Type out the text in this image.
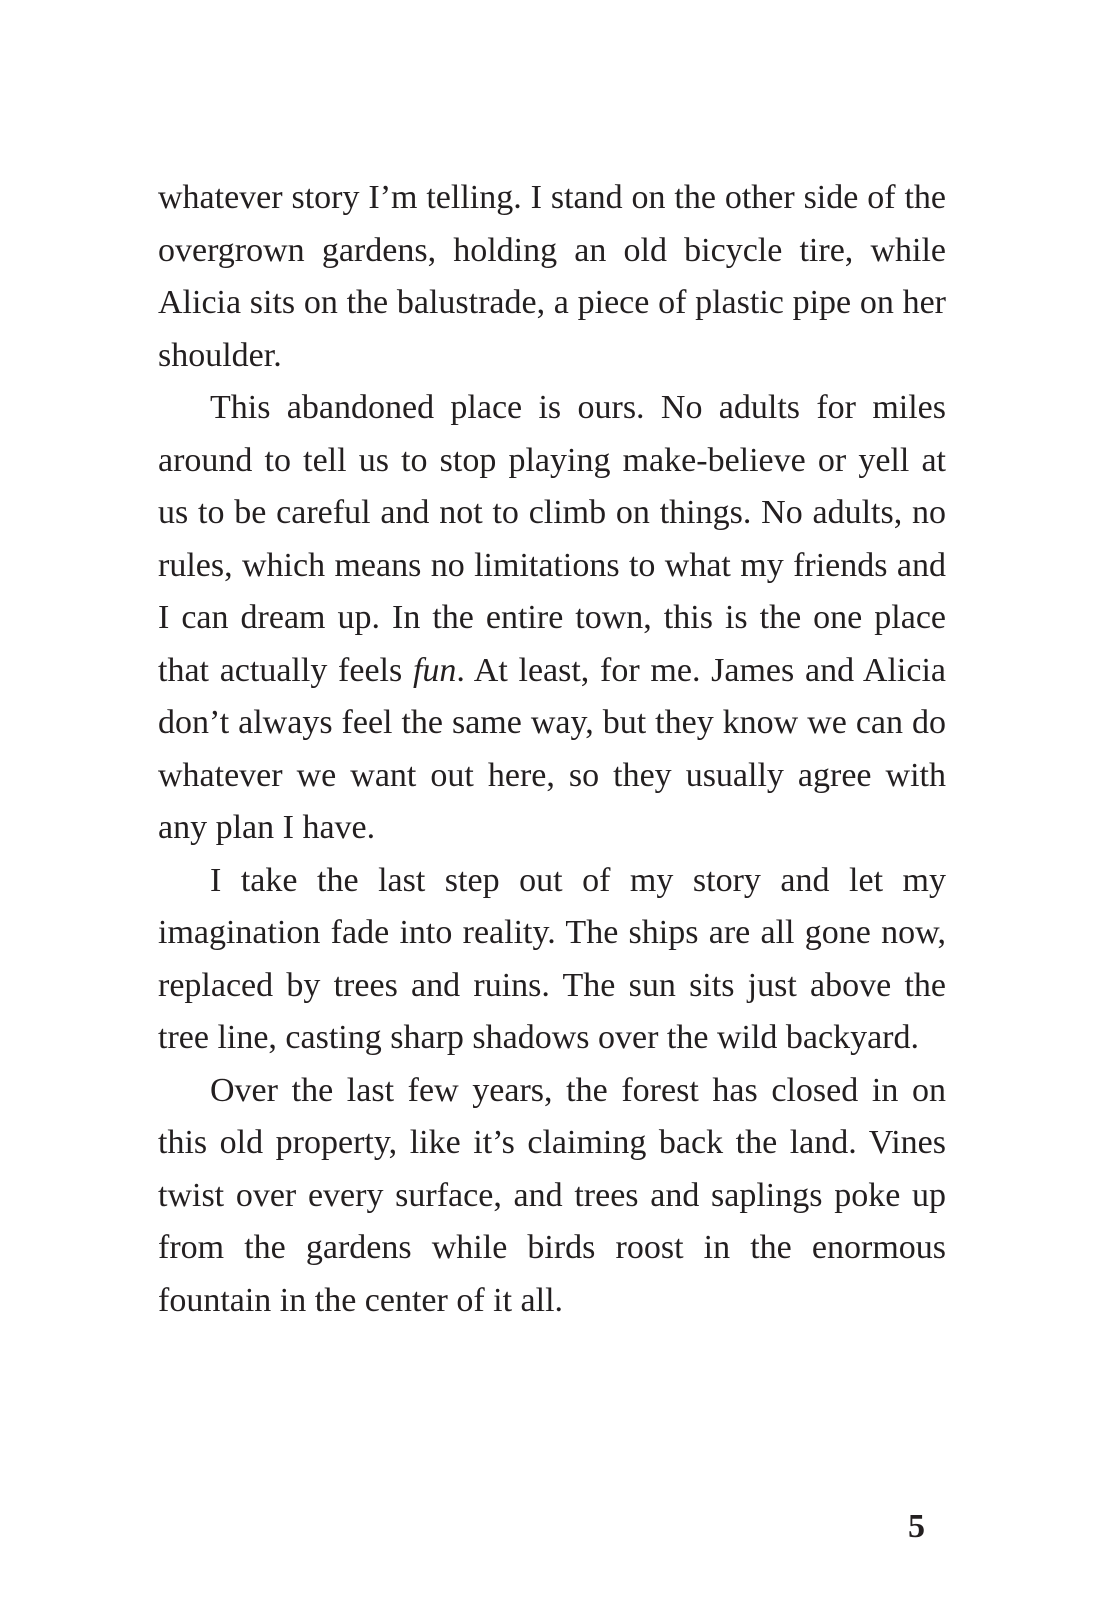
whatever story I’m telling. I stand on the other side of the overgrown gardens, holding an old bicycle tire, while Alicia sits on the balustrade, a piece of plastic pipe on her shoulder.

This abandoned place is ours. No adults for miles around to tell us to stop playing make-believe or yell at us to be careful and not to climb on things. No adults, no rules, which means no limitations to what my friends and I can dream up. In the entire town, this is the one place that actually feels fun. At least, for me. James and Alicia don’t always feel the same way, but they know we can do whatever we want out here, so they usually agree with any plan I have.

I take the last step out of my story and let my imagination fade into reality. The ships are all gone now, replaced by trees and ruins. The sun sits just above the tree line, casting sharp shadows over the wild backyard.

Over the last few years, the forest has closed in on this old property, like it’s claiming back the land. Vines twist over every surface, and trees and saplings poke up from the gardens while birds roost in the enormous fountain in the center of it all.

5
